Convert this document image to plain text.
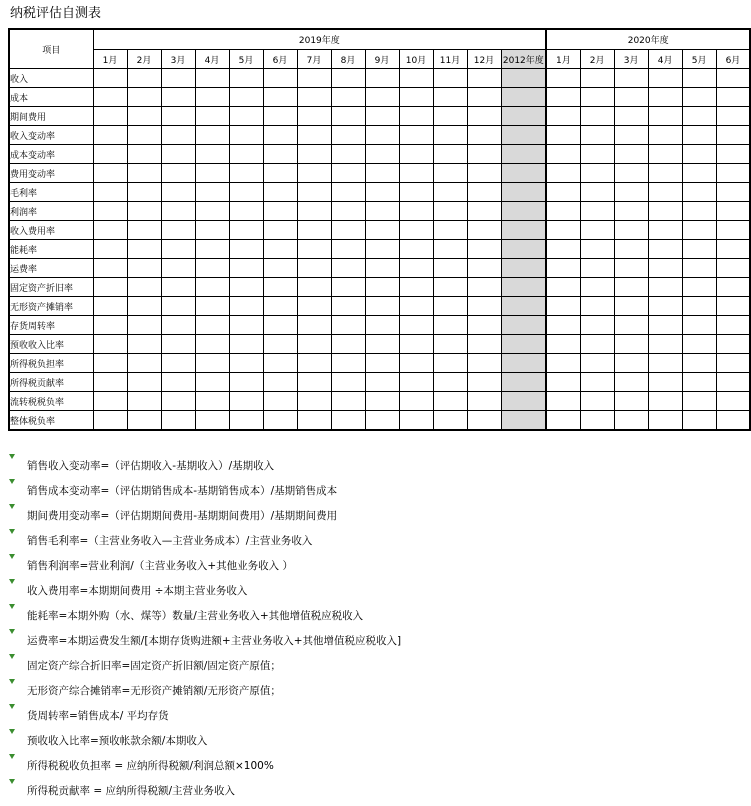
纳税评估自测表
项目	2019年度													2020年度					
	1月	2月	3月	4月	5月	6月	7月	8月	9月	10月	11月	12月	2012年度	1月	2月	3月	4月	5月	6月
收入																			
成本																			
期间费用																			
收入变动率																			
成本变动率																			
费用变动率																			
毛利率																			
利润率																			
收入费用率																			
能耗率																			
运费率																			
固定资产折旧率																			
无形资产摊销率																			
存货周转率																			
预收收入比率																			
所得税负担率																			
所得税贡献率																			
流转税税负率																			
整体税负率																			
销售收入变动率=（评估期收入-基期收入）/基期收入
销售成本变动率=（评估期销售成本-基期销售成本）/基期销售成本
期间费用变动率=（评估期期间费用-基期期间费用）/基期期间费用
销售毛利率=（主营业务收入—主营业务成本）/主营业务收入
销售利润率=营业利润/（主营业务收入+其他业务收入 ）
收入费用率=本期期间费用 ÷本期主营业务收入
能耗率=本期外购（水、煤等）数量/主营业务收入+其他增值税应税收入
运费率=本期运费发生额/[本期存货购进额+主营业务收入+其他增值税应税收入]
固定资产综合折旧率=固定资产折旧额/固定资产原值；
无形资产综合摊销率=无形资产摊销额/无形资产原值；
货周转率=销售成本/ 平均存货
预收收入比率=预收帐款余额/本期收入
所得税税收负担率 = 应纳所得税额/利润总额×100%
所得税贡献率 = 应纳所得税额/主营业务收入
